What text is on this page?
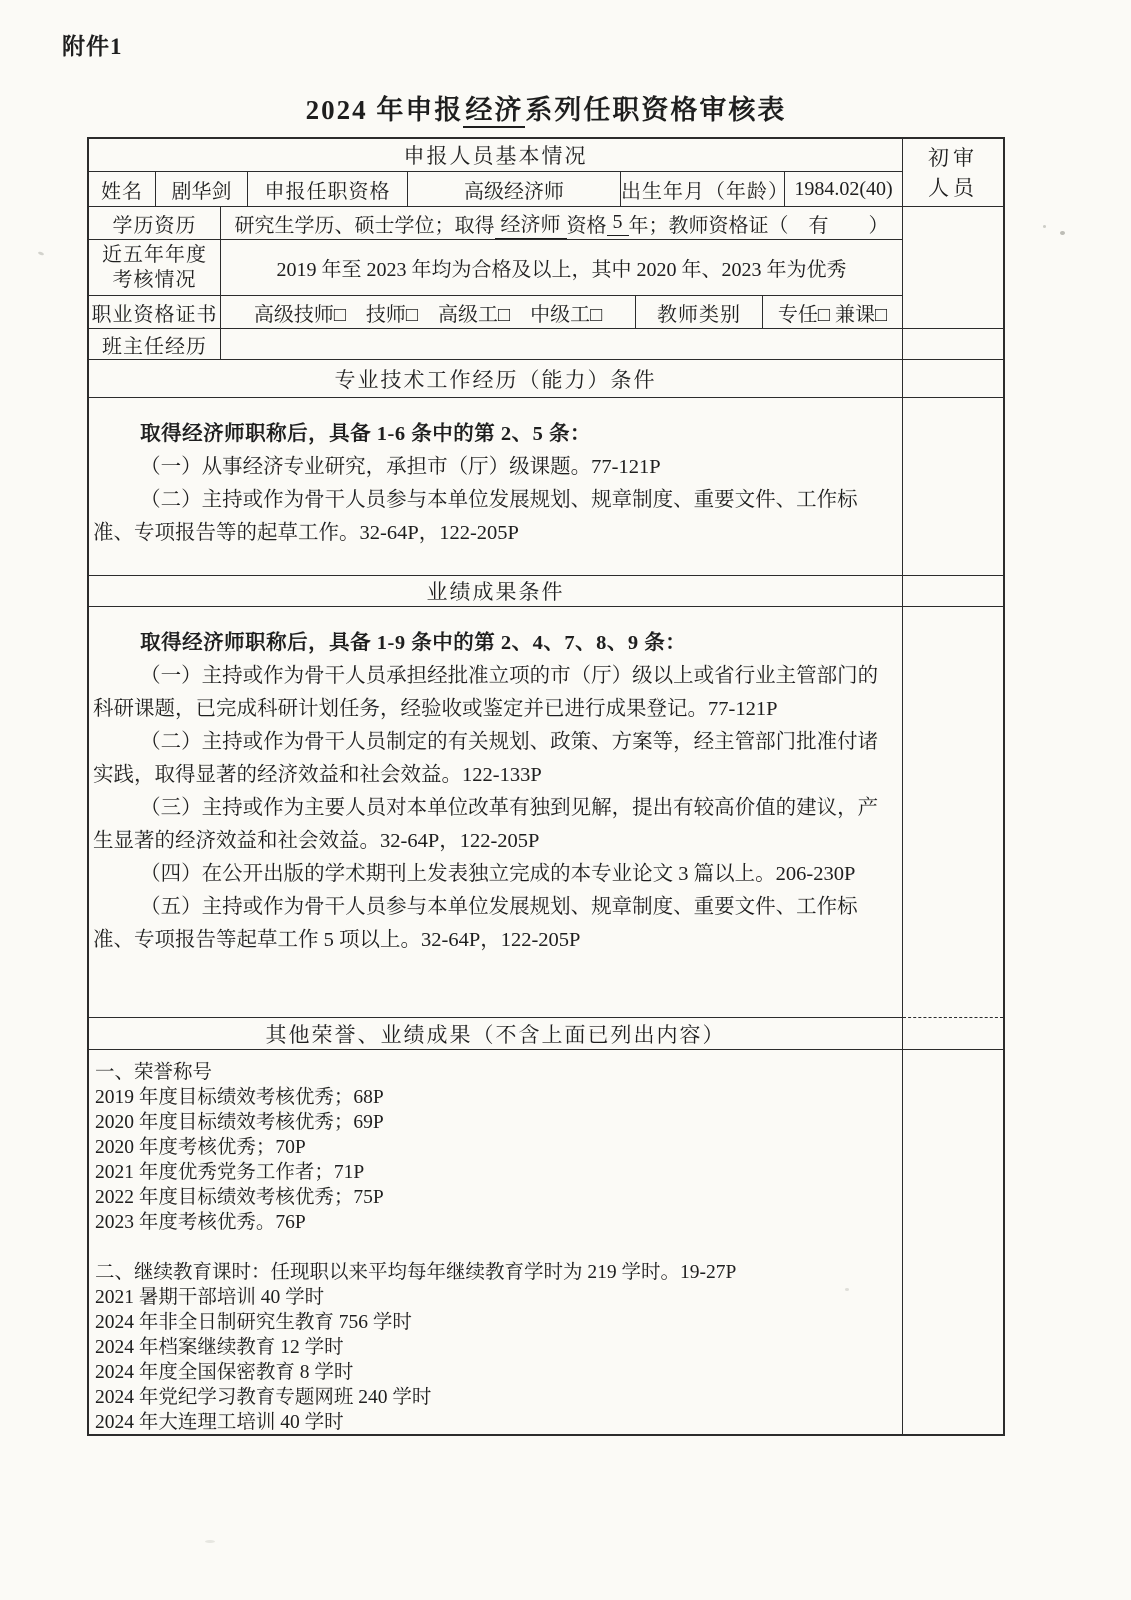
附件1
2024 年申报经济系列任职资格审核表
申报人员基本情况
姓名	剧华剑	申报任职资格	高级经济师	出生年月（年龄） 1984.02(40)
学历资历	研究生学历、硕士学位；取得 经济师 资格 5 年；教师资格证（　有　　）
近五年年度
考核情况	2019 年至 2023 年均为合格及以上，其中 2020 年、2023 年为优秀
职业资格证书	高级技师□　技师□　高级工□　中级工□	教师类别	专任□ 兼课□
班主任经历
专业技术工作经历（能力）条件

取得经济师职称后，具备 1-6 条中的第 2、5 条：

（一）从事经济专业研究，承担市（厅）级课题。77-121P

（二）主持或作为骨干人员参与本单位发展规划、规章制度、重要文件、工作标准、专项报告等的起草工作。32-64P，122-205P

业绩成果条件

取得经济师职称后，具备 1-9 条中的第 2、4、7、8、9 条：

（一）主持或作为骨干人员承担经批准立项的市（厅）级以上或省行业主管部门的科研课题，已完成科研计划任务，经验收或鉴定并已进行成果登记。77-121P

（二）主持或作为骨干人员制定的有关规划、政策、方案等，经主管部门批准付诸实践，取得显著的经济效益和社会效益。122-133P

（三）主持或作为主要人员对本单位改革有独到见解，提出有较高价值的建议，产生显著的经济效益和社会效益。32-64P，122-205P

（四）在公开出版的学术期刊上发表独立完成的本专业论文 3 篇以上。206-230P

（五）主持或作为骨干人员参与本单位发展规划、规章制度、重要文件、工作标准、专项报告等起草工作 5 项以上。32-64P，122-205P

其他荣誉、业绩成果（不含上面已列出内容）
一、荣誉称号
2019 年度目标绩效考核优秀；68P
2020 年度目标绩效考核优秀；69P
2020 年度考核优秀；70P
2021 年度优秀党务工作者；71P
2022 年度目标绩效考核优秀；75P
2023 年度考核优秀。76P
二、继续教育课时：任现职以来平均每年继续教育学时为 219 学时。19-27P
2021 暑期干部培训 40 学时
2024 年非全日制研究生教育 756 学时
2024 年档案继续教育 12 学时
2024 年度全国保密教育 8 学时
2024 年党纪学习教育专题网班 240 学时
2024 年大连理工培训 40 学时
初审
人员
